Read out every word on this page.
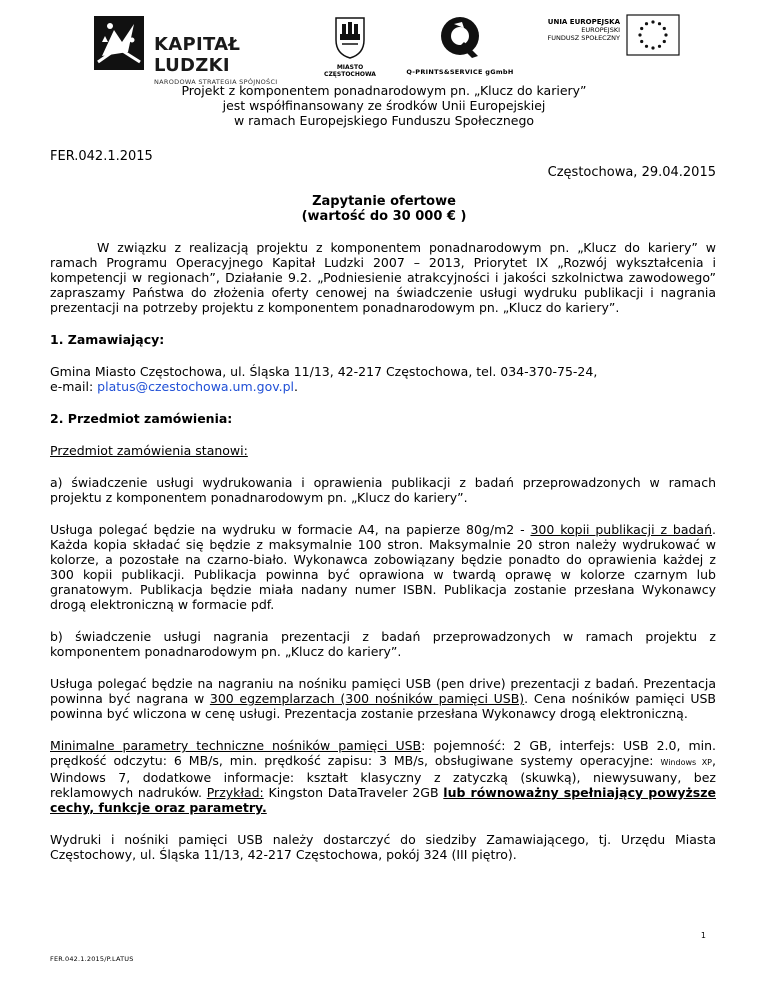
KAPITAŁ LUDZKI
NARODOWA STRATEGIA SPÓJNOŚCI
MIASTO
CZĘSTOCHOWA	Q-PRINTS&SERVICE gGmbH
UNIA EUROPEJSKA
EUROPEJSKI
FUNDUSZ SPOŁECZNY
Projekt z komponentem ponadnarodowym pn. „Klucz do kariery”
jest współfinansowany ze środków Unii Europejskiej
w ramach Europejskiego Funduszu Społecznego
FER.042.1.2015
Częstochowa, 29.04.2015
Zapytanie ofertowe
(wartość do 30 000 € )

W związku z realizacją projektu z komponentem ponadnarodowym pn. „Klucz do kariery” w ramach Programu Operacyjnego Kapitał Ludzki 2007 – 2013, Priorytet IX „Rozwój wykształcenia i kompetencji w regionach”, Działanie 9.2. „Podniesienie atrakcyjności i jakości szkolnictwa zawodowego” zapraszamy Państwa do złożenia oferty cenowej na świadczenie usługi wydruku publikacji i nagrania prezentacji na potrzeby projektu z komponentem ponadnarodowym pn. „Klucz do kariery”.

1. Zamawiający:

Gmina Miasto Częstochowa, ul. Śląska 11/13, 42-217 Częstochowa, tel. 034-370-75-24,
e-mail: platus@czestochowa.um.gov.pl.

2. Przedmiot zamówienia:

Przedmiot zamówienia stanowi:

a) świadczenie usługi wydrukowania i oprawienia publikacji z badań przeprowadzonych w ramach projektu z komponentem ponadnarodowym pn. „Klucz do kariery”.

Usługa polegać będzie na wydruku w formacie A4, na papierze 80g/m2 - 300 kopii publikacji z badań. Każda kopia składać się będzie z maksymalnie 100 stron. Maksymalnie 20 stron należy wydrukować w kolorze, a pozostałe na czarno-biało. Wykonawca zobowiązany będzie ponadto do oprawienia każdej z 300 kopii publikacji. Publikacja powinna być oprawiona w twardą oprawę w kolorze czarnym lub granatowym. Publikacja będzie miała nadany numer ISBN. Publikacja zostanie przesłana Wykonawcy drogą elektroniczną w formacie pdf.

b) świadczenie usługi nagrania prezentacji z badań przeprowadzonych w ramach projektu z komponentem ponadnarodowym pn. „Klucz do kariery”.

Usługa polegać będzie na nagraniu na nośniku pamięci USB (pen drive) prezentacji z badań. Prezentacja powinna być nagrana w 300 egzemplarzach (300 nośników pamięci USB). Cena nośników pamięci USB powinna być wliczona w cenę usługi. Prezentacja zostanie przesłana Wykonawcy drogą elektroniczną.

Minimalne parametry techniczne nośników pamięci USB: pojemność: 2 GB, interfejs: USB 2.0, min. prędkość odczytu: 6 MB/s, min. prędkość zapisu: 3 MB/s, obsługiwane systemy operacyjne: Windows XP, Windows 7, dodatkowe informacje: kształt klasyczny z zatyczką (skuwką), niewysuwany, bez reklamowych nadruków. Przykład: Kingston DataTraveler 2GB lub równoważny spełniający powyższe cechy, funkcje oraz parametry.

Wydruki i nośniki pamięci USB należy dostarczyć do siedziby Zamawiającego, tj. Urzędu Miasta Częstochowy, ul. Śląska 11/13, 42-217 Częstochowa, pokój 324 (III piętro).

1
FER.042.1.2015/P.LATUS
